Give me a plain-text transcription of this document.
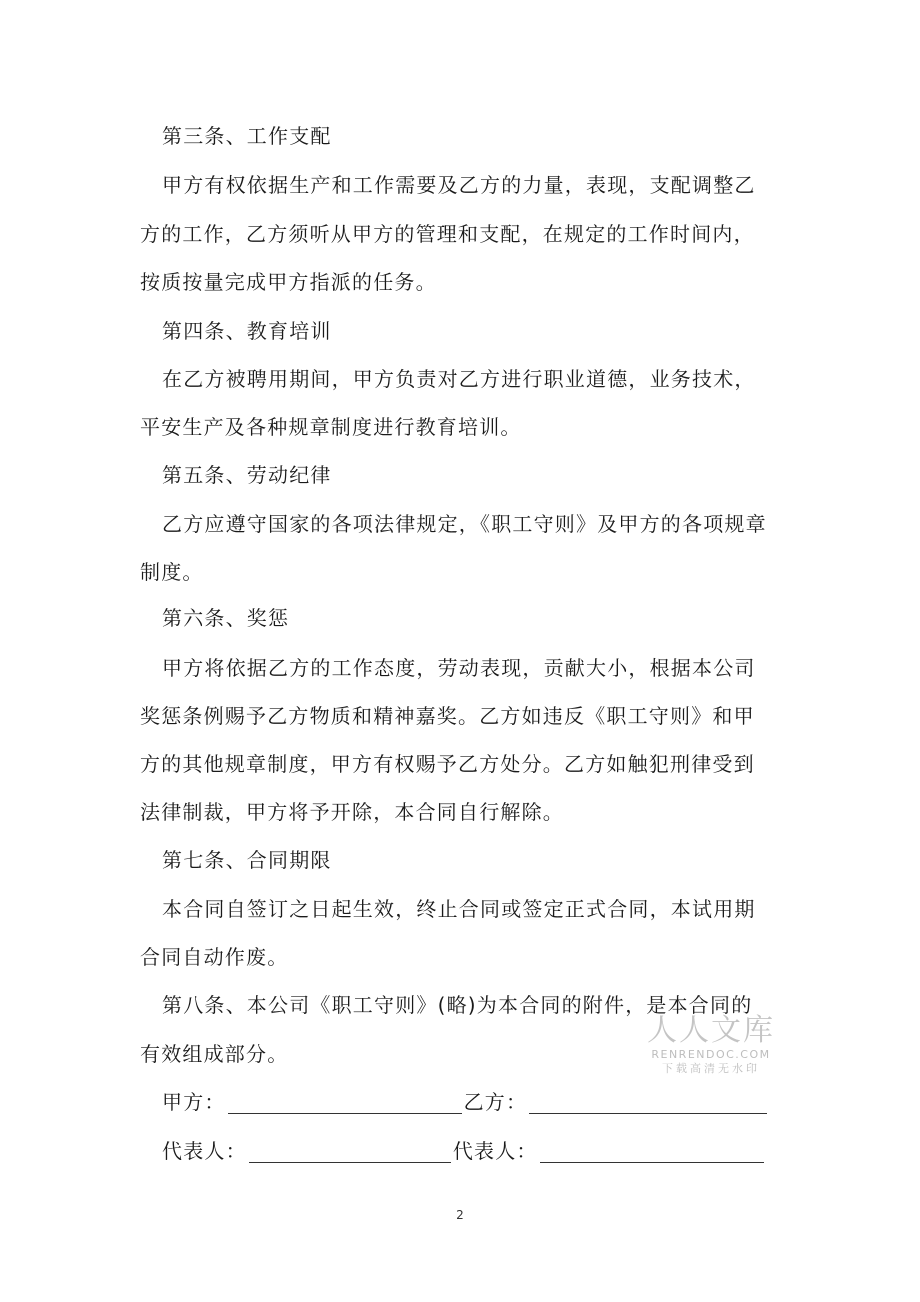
第三条、工作支配
甲方有权依据生产和工作需要及乙方的力量，表现，支配调整乙
方的工作，乙方须听从甲方的管理和支配，在规定的工作时间内，
按质按量完成甲方指派的任务。
第四条、教育培训
在乙方被聘用期间，甲方负责对乙方进行职业道德，业务技术，
平安生产及各种规章制度进行教育培训。
第五条、劳动纪律
乙方应遵守国家的各项法律规定，《职工守则》及甲方的各项规章
制度。
第六条、奖惩
甲方将依据乙方的工作态度，劳动表现，贡献大小，根据本公司
奖惩条例赐予乙方物质和精神嘉奖。乙方如违反《职工守则》和甲
方的其他规章制度，甲方有权赐予乙方处分。乙方如触犯刑律受到
法律制裁，甲方将予开除，本合同自行解除。
第七条、合同期限
本合同自签订之日起生效，终止合同或签定正式合同，本试用期
合同自动作废。
第八条、本公司《职工守则》(略)为本合同的附件，是本合同的
有效组成部分。
甲方：	乙方：
代表人：	代表人：
人人文库
RENRENDOC.COM
下载高清无水印
2
